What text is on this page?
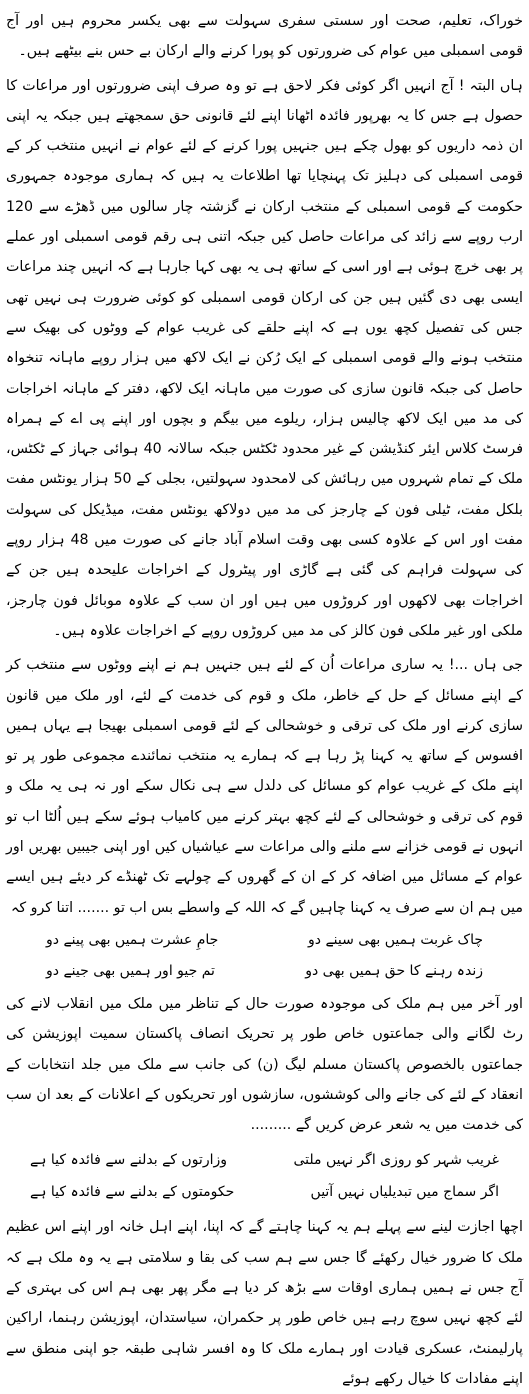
خوراک، تعلیم، صحت اور سستی سفری سہولت سے بھی یکسر محروم ہیں اور آج قومی اسمبلی میں عوام کی ضرورتوں کو پورا کرنے والے ارکان بے حس بنے بیٹھے ہیں۔

ہاں البتہ ! آج انہیں اگر کوئی فکر لاحق ہے تو وہ صرف اپنی ضرورتوں اور مراعات کا حصول ہے جس کا یہ بھرپور فائدہ اٹھانا اپنے لئے قانونی حق سمجھتے ہیں جبکہ یہ اپنی ان ذمہ داریوں کو بھول چکے ہیں جنہیں پورا کرنے کے لئے عوام نے انہیں منتخب کر کے قومی اسمبلی کی دہلیز تک پہنچایا تھا اطلاعات یہ ہیں کہ ہماری موجودہ جمہوری حکومت کے قومی اسمبلی کے منتخب ارکان نے گزشتہ چار سالوں میں ڈھڑے سے 120 ارب روپے سے زائد کی مراعات حاصل کیں جبکہ اتنی ہی رقم قومی اسمبلی اور عملے پر بھی خرچ ہوئی ہے اور اسی کے ساتھ ہی یہ بھی کہا جارہا ہے کہ انہیں چند مراعات ایسی بھی دی گئیں ہیں جن کی ارکان قومی اسمبلی کو کوئی ضرورت ہی نہیں تھی جس کی تفصیل کچھ یوں ہے کہ اپنے حلقے کی غریب عوام کے ووٹوں کی بھیک سے منتخب ہونے والے قومی اسمبلی کے ایک رُکن نے ایک لاکھ میں ہزار روپے ماہانہ تنخواہ حاصل کی جبکہ قانون سازی کی صورت میں ماہانہ ایک لاکھ، دفتر کے ماہانہ اخراجات کی مد میں ایک لاکھ چالیس ہزار، ریلوے میں بیگم و بچوں اور اپنے پی اے کے ہمراہ فرسٹ کلاس ایئر کنڈیشن کے غیر محدود ٹکٹس جبکہ سالانہ 40 ہوائی جہاز کے ٹکٹس، ملک کے تمام شہروں میں رہائش کی لامحدود سہولتیں، بجلی کے 50 ہزار یونٹس مفت بلکل مفت، ٹیلی فون کے چارجز کی مد میں دولاکھ یونٹس مفت، میڈیکل کی سہولت مفت اور اس کے علاوہ کسی بھی وقت اسلام آباد جانے کی صورت میں 48 ہزار روپے کی سہولت فراہم کی گئی ہے گاڑی اور پیٹرول کے اخراجات علیحدہ ہیں جن کے اخراجات بھی لاکھوں اور کروڑوں میں ہیں اور ان سب کے علاوہ موبائل فون چارجز، ملکی اور غیر ملکی فون کالز کی مد میں کروڑوں روپے کے اخراجات علاوہ ہیں۔

جی ہاں ...! یہ ساری مراعات اُن کے لئے ہیں جنہیں ہم نے اپنے ووٹوں سے منتخب کر کے اپنے مسائل کے حل کے خاطر، ملک و قوم کی خدمت کے لئے، اور ملک میں قانون سازی کرنے اور ملک کی ترقی و خوشحالی کے لئے قومی اسمبلی بھیجا ہے یہاں ہمیں افسوس کے ساتھ یہ کہنا پڑ رہا ہے کہ ہمارے یہ منتخب نمائندے مجموعی طور پر تو اپنے ملک کے غریب عوام کو مسائل کی دلدل سے ہی نکال سکے اور نہ ہی یہ ملک و قوم کی ترقی و خوشحالی کے لئے کچھ بہتر کرنے میں کامیاب ہوئے سکے ہیں اُلٹا اب تو انہوں نے قومی خزانے سے ملنے والی مراعات سے عیاشیاں کیں اور اپنی جیبیں بھریں اور عوام کے مسائل میں اضافہ کر کے ان کے گھروں کے چولہے تک ٹھنڈے کر دیئے ہیں ایسے میں ہم ان سے صرف یہ کہنا چاہیں گے کہ اللہ کے واسطے بس اب تو ....... اتنا کرو کہ

چاک غربت ہمیں بھی سینے دو
جامِ عشرت ہمیں بھی پینے دو
زندہ رہنے کا حق ہمیں بھی دو
تم جیو اور ہمیں بھی جینے دو

اور آخر میں ہم ملک کی موجودہ صورت حال کے تناظر میں ملک میں انقلاب لانے کی رٹ لگانے والی جماعتوں خاص طور پر تحریک انصاف پاکستان سمیت اپوزیشن کی جماعتوں بالخصوص پاکستان مسلم لیگ (ن) کی جانب سے ملک میں جلد انتخابات کے انعقاد کے لئے کی جانے والی کوششوں، سازشوں اور تحریکوں کے اعلانات کے بعد ان سب کی خدمت میں یہ شعر عرض کریں گے .........

غریب شہر کو روزی اگر نہیں ملتی
وزارتوں کے بدلنے سے فائدہ کیا ہے
اگر سماج میں تبدیلیاں نہیں آتیں
حکومتوں کے بدلنے سے فائدہ کیا ہے

اچھا اجازت لینے سے پہلے ہم یہ کہنا چاہتے گے کہ اپنا، اپنے اہل خانہ اور اپنے اس عظیم ملک کا ضرور خیال رکھئے گا جس سے ہم سب کی بقا و سلامتی ہے یہ وہ ملک ہے کہ آج جس نے ہمیں ہماری اوقات سے بڑھ کر دیا ہے مگر پھر بھی ہم اس کی بہتری کے لئے کچھ نہیں سوچ رہے ہیں خاص طور پر حکمران، سیاستدان، اپوزیشن رہنما، اراکین پارلیمنٹ، عسکری قیادت اور ہمارے ملک کا وہ افسر شاہی طبقہ جو اپنی منطق سے اپنے مفادات کا خیال رکھے ہوئے
